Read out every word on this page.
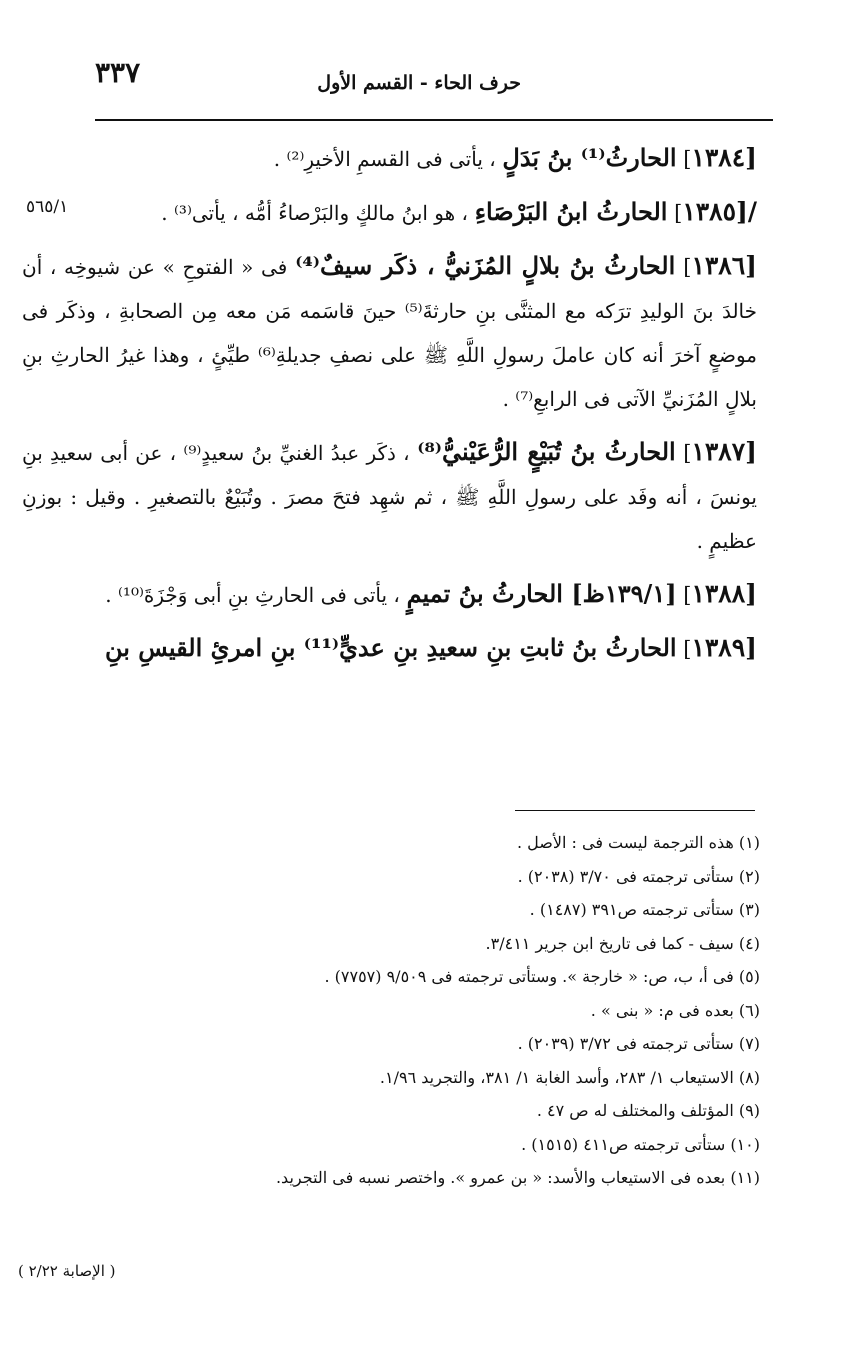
٣٣٧	حرف الحاء - القسم الأول
٥٦٥/١

[١٣٨٤] الحارثُ⁽¹⁾ بنُ بَدَلٍ ، يأتى فى القسمِ الأخيرِ⁽²⁾ .

/[١٣٨٥] الحارثُ ابنُ البَرْصَاءِ ، هو ابنُ مالكٍ والبَرْصاءُ أمُّه ، يأتى⁽³⁾ .

[١٣٨٦] الحارثُ بنُ بلالٍ المُزَنيُّ ، ذكَر سيفٌ⁽⁴⁾ فى « الفتوحِ » عن شيوخِه ، أن خالدَ بنَ الوليدِ ترَكه مع المثنَّى بنِ حارثةَ⁽⁵⁾ حينَ قاسَمه مَن معه مِن الصحابةِ ، وذكَر فى موضعٍ آخرَ أنه كان عاملَ رسولِ اللَّهِ ﷺ على نصفِ جديلةِ⁽⁶⁾ طيِّئٍ ، وهذا غيرُ الحارثِ بنِ بلالٍ المُزَنيِّ الآتى فى الرابعِ⁽⁷⁾ .

[١٣٨٧] الحارثُ بنُ تُبَيْعٍ الرُّعَيْنيُّ⁽⁸⁾ ، ذكَر عبدُ الغنيِّ بنُ سعيدٍ⁽⁹⁾ ، عن أبى سعيدِ بنِ يونسَ ، أنه وفَد على رسولِ اللَّهِ ﷺ ، ثم شهِد فتحَ مصرَ . وتُبَيْعٌ بالتصغيرِ . وقيل : بوزنِ عظيمٍ .

[١٣٨٨] [١٣٩/١ظ] الحارثُ بنُ تميمٍ ، يأتى فى الحارثِ بنِ أبى وَجْزَةَ⁽¹⁰⁾ .

[١٣٨٩] الحارثُ بنُ ثابتِ بنِ سعيدِ بنِ عديٍّ⁽¹¹⁾ بنِ امرئِ القيسِ بنِ

(١) هذه الترجمة ليست فى : الأصل .
(٢) ستأتى ترجمته فى ٣/٧٠ (٢٠٣٨) .
(٣) ستأتى ترجمته ص٣٩١ (١٤٨٧) .
(٤) سيف - كما فى تاريخ ابن جرير ٣/٤١١.
(٥) فى أ، ب، ص: « خارجة ». وستأتى ترجمته فى ٩/٥٠٩ (٧٧٥٧) .
(٦) بعده فى م: « بنى » .
(٧) ستأتى ترجمته فى ٣/٧٢ (٢٠٣٩) .
(٨) الاستيعاب ١/ ٢٨٣، وأسد الغابة ١/ ٣٨١، والتجريد ١/٩٦.
(٩) المؤتلف والمختلف له ص ٤٧ .
(١٠) ستأتى ترجمته ص٤١١ (١٥١٥) .
(١١) بعده فى الاستيعاب والأسد: « بن عمرو ». واختصر نسبه فى التجريد.
( الإصابة ٢/٢٢ )
